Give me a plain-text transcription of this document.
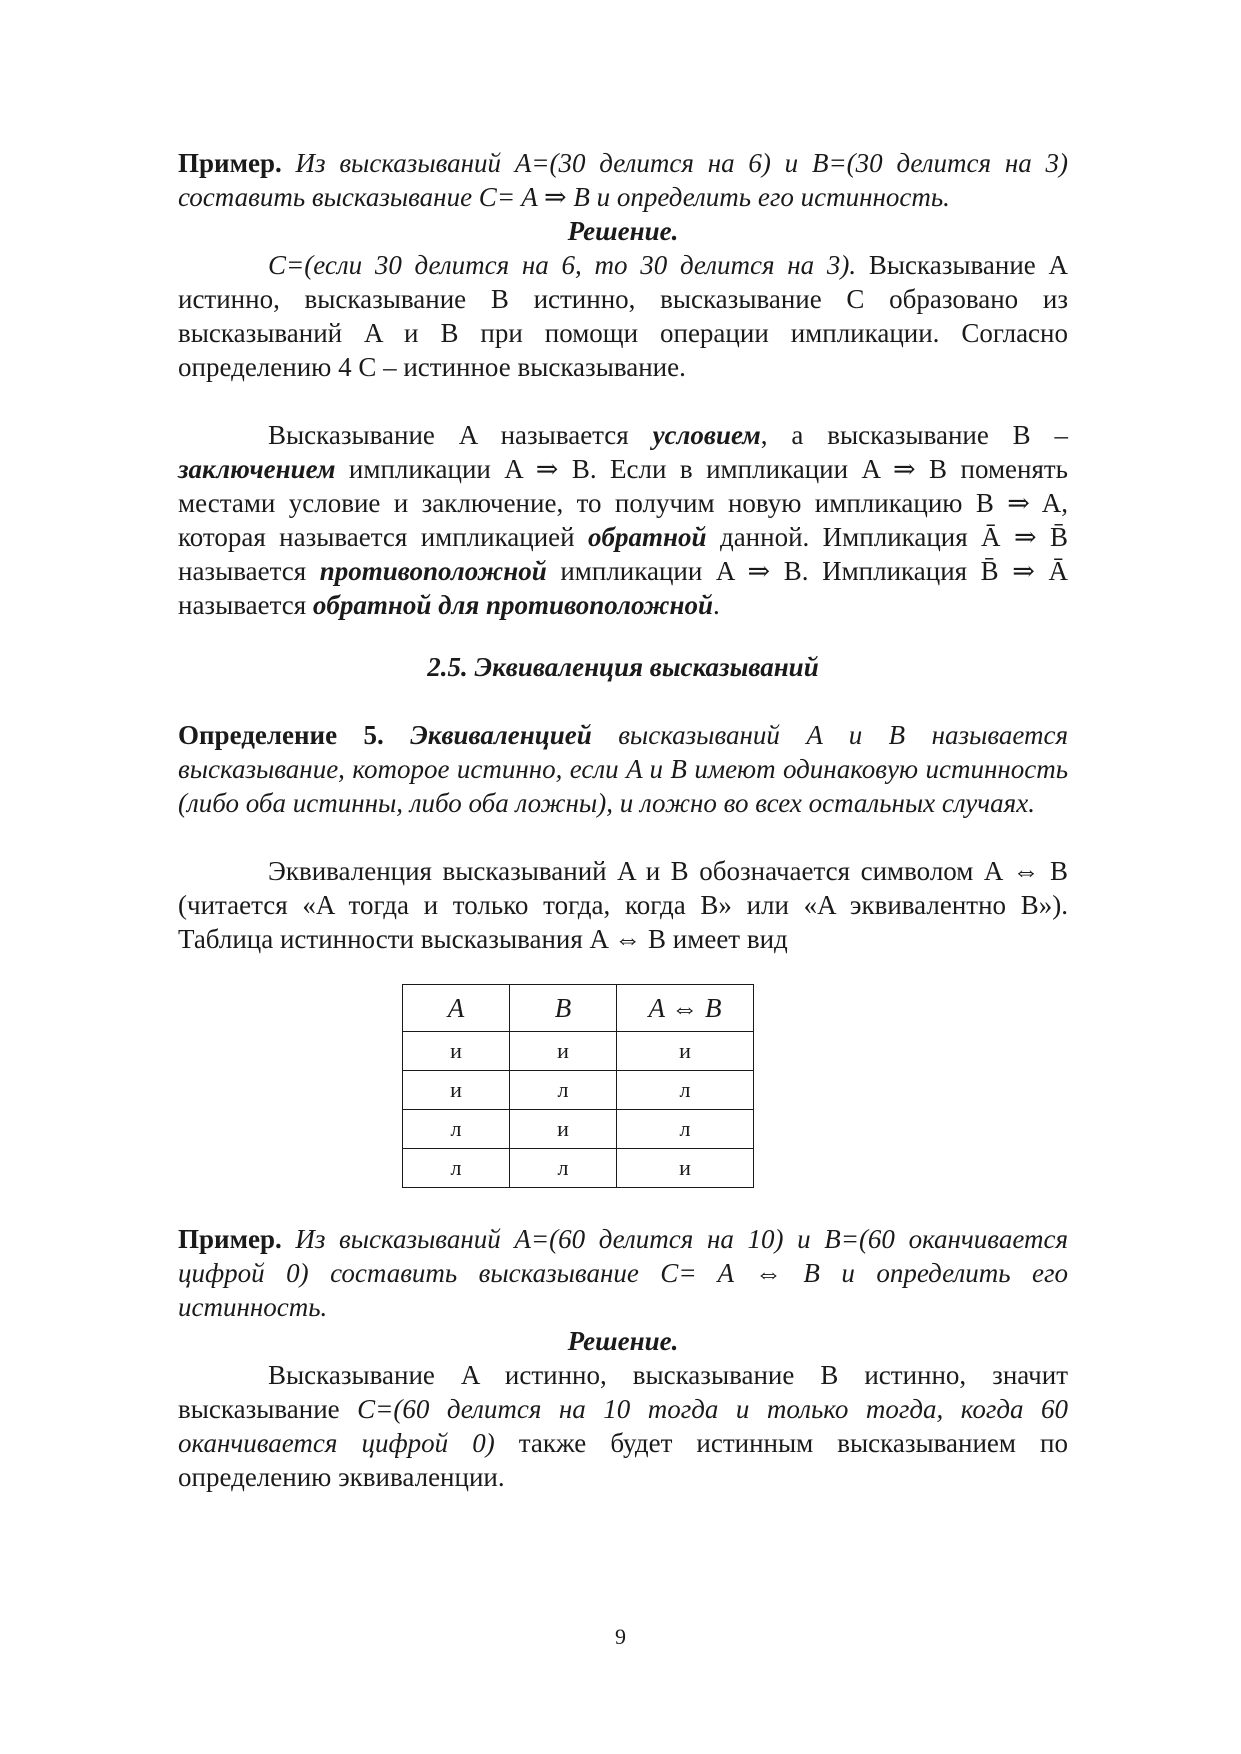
Пример. Из высказываний A=(30 делится на 6) и B=(30 делится на 3) составить высказывание C= A ⇒ B и определить его истинность.

Решение.

C=(если 30 делится на 6, то 30 делится на 3). Высказывание A истинно, высказывание B истинно, высказывание C образовано из высказываний A и B при помощи операции импликации. Согласно определению 4 C – истинное высказывание.

Высказывание A называется условием, а высказывание B – заключением импликации A ⇒ B. Если в импликации A ⇒ B поменять местами условие и заключение, то получим новую импликацию B ⇒ A, которая называется импликацией обратной данной. Импликация Ā ⇒ B̄ называется противоположной импликации A ⇒ B. Импликация B̄ ⇒ Ā называется обратной для противоположной.

2.5. Эквиваленция высказываний

Определение 5. Эквиваленцией высказываний A и B называется высказывание, которое истинно, если A и B имеют одинаковую истинность (либо оба истинны, либо оба ложны), и ложно во всех остальных случаях.

Эквиваленция высказываний A и B обозначается символом A ⇔ B (читается «A тогда и только тогда, когда B» или «A эквивалентно B»). Таблица истинности высказывания A ⇔ B имеет вид

A	B	A ⇔ B
и	и	и
и	л	л
л	и	л
л	л	и

Пример. Из высказываний A=(60 делится на 10) и B=(60 оканчивается цифрой 0) составить высказывание C= A ⇔ B и определить его истинность.

Решение.

Высказывание A истинно, высказывание B истинно, значит высказывание C=(60 делится на 10 тогда и только тогда, когда 60 оканчивается цифрой 0) также будет истинным высказыванием по определению эквиваленции.

9
